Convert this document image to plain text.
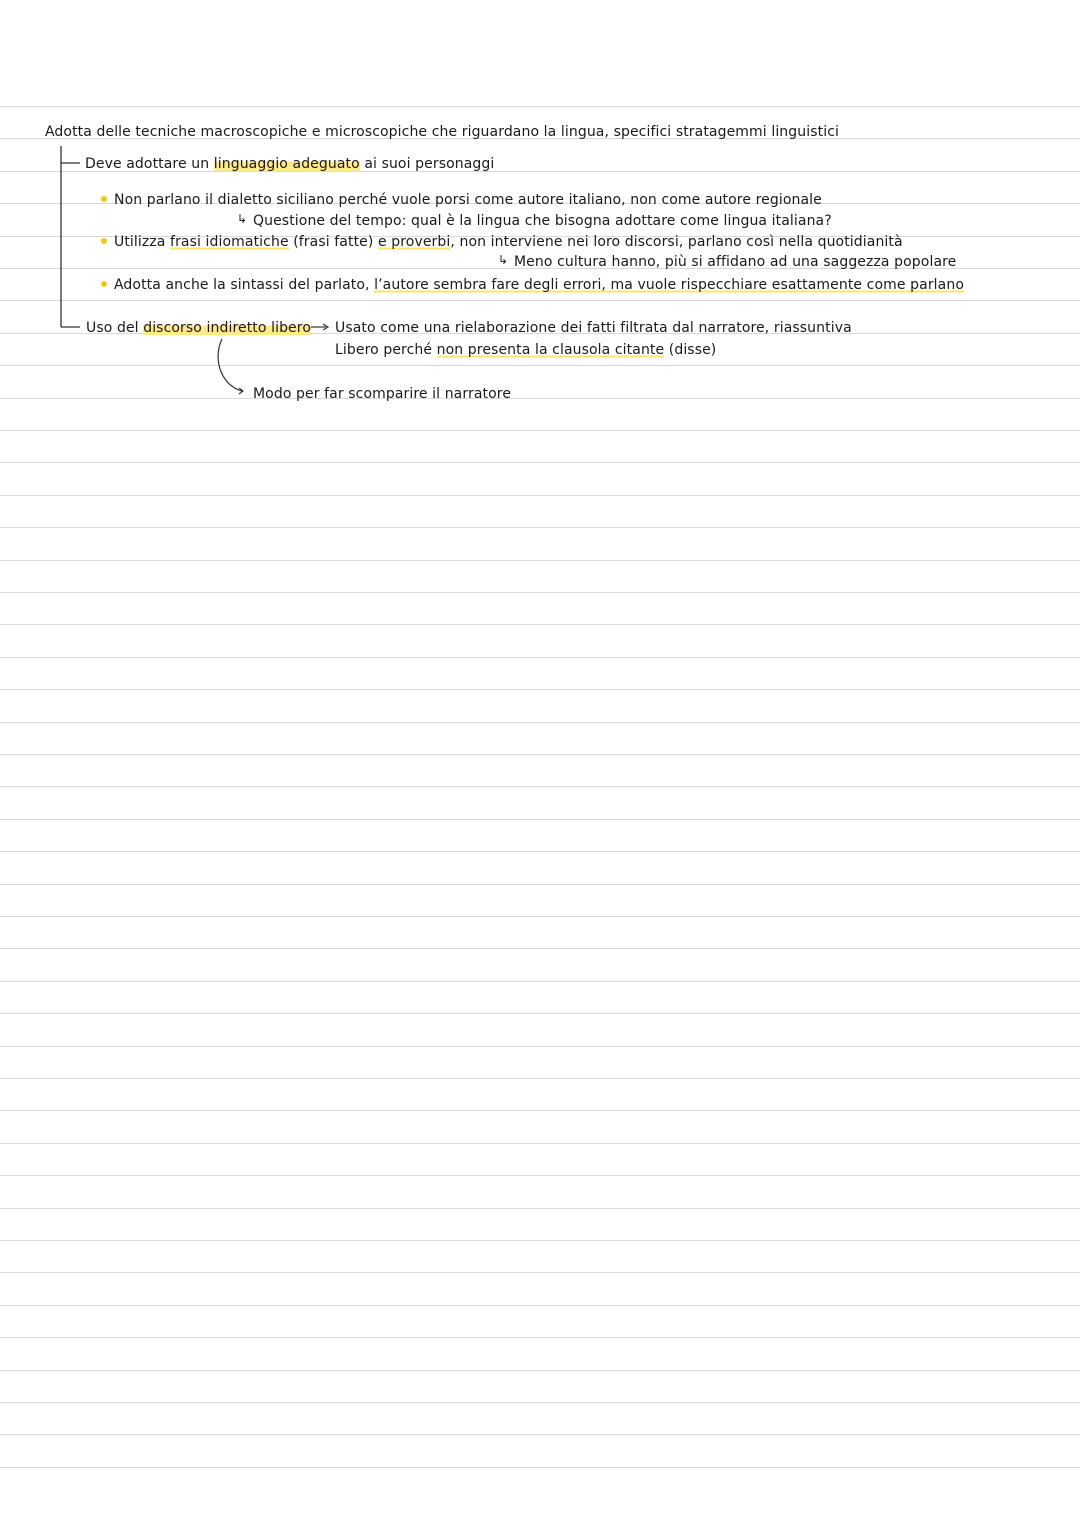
Adotta delle tecniche macroscopiche e microscopiche che riguardano la lingua, specifici stratagemmi linguistici
Deve adottare un linguaggio adeguato ai suoi personaggi
Non parlano il dialetto siciliano perché vuole porsi come autore italiano, non come autore regionale
↳ Questione del tempo: qual è la lingua che bisogna adottare come lingua italiana?
Utilizza frasi idiomatiche (frasi fatte) e proverbi, non interviene nei loro discorsi, parlano così nella quotidianità
↳ Meno cultura hanno, più si affidano ad una saggezza popolare
Adotta anche la sintassi del parlato, l’autore sembra fare degli errori, ma vuole rispecchiare esattamente come parlano
Uso del discorso indiretto libero Usato come una rielaborazione dei fatti filtrata dal narratore, riassuntiva
Libero perché non presenta la clausola citante (disse)
Modo per far scomparire il narratore
